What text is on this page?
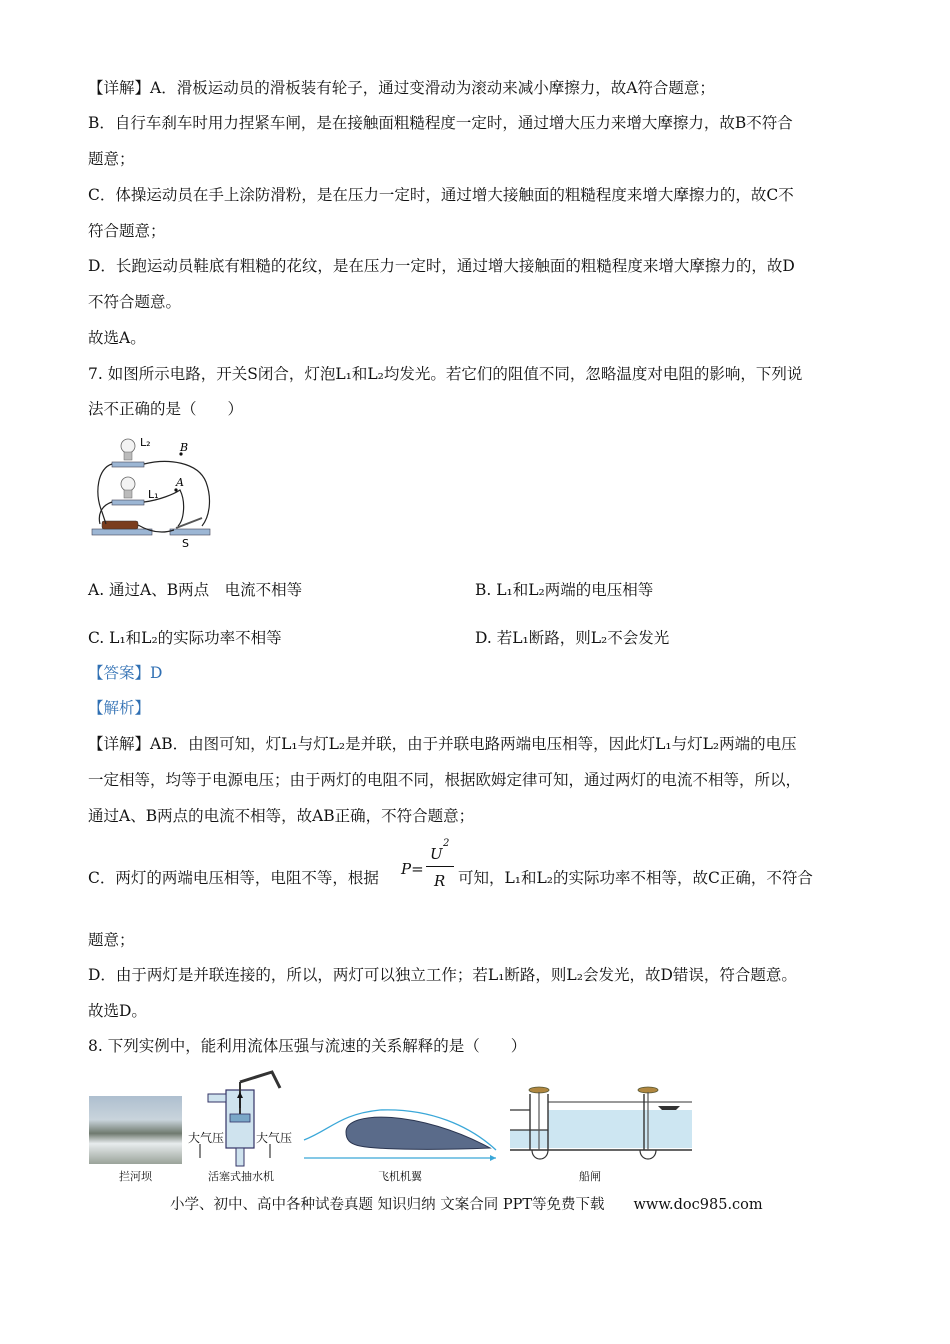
【详解】A．滑板运动员的滑板装有轮子，通过变滑动为滚动来减小摩擦力，故A符合题意；
B．自行车刹车时用力捏紧车闸，是在接触面粗糙程度一定时，通过增大压力来增大摩擦力，故B不符合
题意；
C．体操运动员在手上涂防滑粉，是在压力一定时，通过增大接触面的粗糙程度来增大摩擦力的，故C不
符合题意；
D．长跑运动员鞋底有粗糙的花纹，是在压力一定时，通过增大接触面的粗糙程度来增大摩擦力的，故D
不符合题意。
故选A。
7. 如图所示电路，开关S闭合，灯泡L₁和L₂均发光。若它们的阻值不同，忽略温度对电阻的影响，下列说
法不正确的是（　　）
L₂
L₁
B
A
S
A. 通过A、B两点　电流不相等	B. L₁和L₂两端的电压相等
C. L₁和L₂的实际功率不相等	D. 若L₁断路，则L₂不会发光
【答案】D
【解析】
【详解】AB．由图可知，灯L₁与灯L₂是并联，由于并联电路两端电压相等，因此灯L₁与灯L₂两端的电压
一定相等，均等于电源电压；由于两灯的电阻不同，根据欧姆定律可知，通过两灯的电流不相等，所以，
通过A、B两点的电流不相等，故AB正确，不符合题意；
C．两灯的两端电压相等，电阻不等，根据 P=
U
2
R 可知，L₁和L₂的实际功率不相等，故C正确，不符合
题意；
D．由于两灯是并联连接的，所以，两灯可以独立工作；若L₁断路，则L₂会发光，故D错误，符合题意。
故选D。
8. 下列实例中，能利用流体压强与流速的关系解释的是（　　）
拦河坝
大气压	大气压
活塞式抽水机	飞机机翼	船闸
小学、初中、高中各种试卷真题 知识归纳 文案合同 PPT等免费下载　　www.doc985.com
